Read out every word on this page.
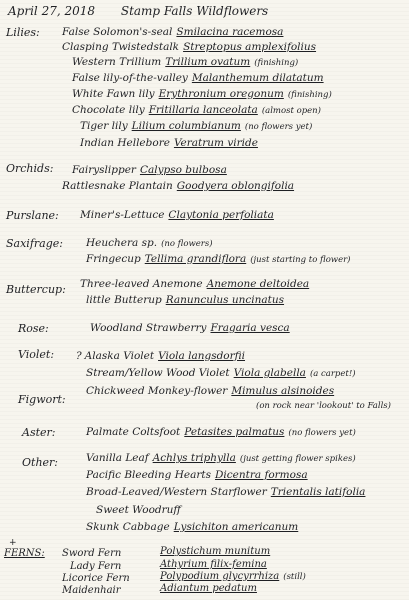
April 27, 2018 Stamp Falls Wildflowers
Lilies: False Solomon's-seal Smilacina racemosa
Clasping Twistedstalk Streptopus amplexifolius
Western Trillium Trillium ovatum (finishing)
False lily-of-the-valley Malanthemum dilatatum
White Fawn lily Erythronium oregonum (finishing)
Chocolate lily Fritillaria lanceolata (almost open)
Tiger lily Lilium columbianum (no flowers yet)
Indian Hellebore Veratrum viride
Orchids: Fairyslipper Calypso bulbosa
Rattlesnake Plantain Goodyera oblongifolia
Purslane: Miner's-Lettuce Claytonia perfoliata
Saxifrage: Heuchera sp. (no flowers)
Fringecup Tellima grandiflora (just starting to flower)
Buttercup: Three-leaved Anemone Anemone deltoidea
little Butterup Ranunculus uncinatus
Rose:	Woodland Strawberry Fragaria vesca
Violet: ? Alaska Violet Viola langsdorfii
Stream/Yellow Wood Violet Viola glabella (a carpet!)
Figwort:
Chickweed Monkey-flower Mimulus alsinoides
(on rock near 'lookout' to Falls)
Aster:	Palmate Coltsfoot Petasites palmatus (no flowers yet)
Other:	Vanilla Leaf Achlys triphylla (just getting flower spikes)
Pacific Bleeding Hearts Dicentra formosa
Broad-Leaved/Western Starflower Trientalis latifolia
Sweet Woodruff
Skunk Cabbage Lysichiton americanum
+
FERNS: Sword Fern	Polystichum munitum
Lady Fern	Athyrium filix-femina
Licorice Fern	Polypodium glycyrrhiza (still)
Maidenhair	Adiantum pedatum
